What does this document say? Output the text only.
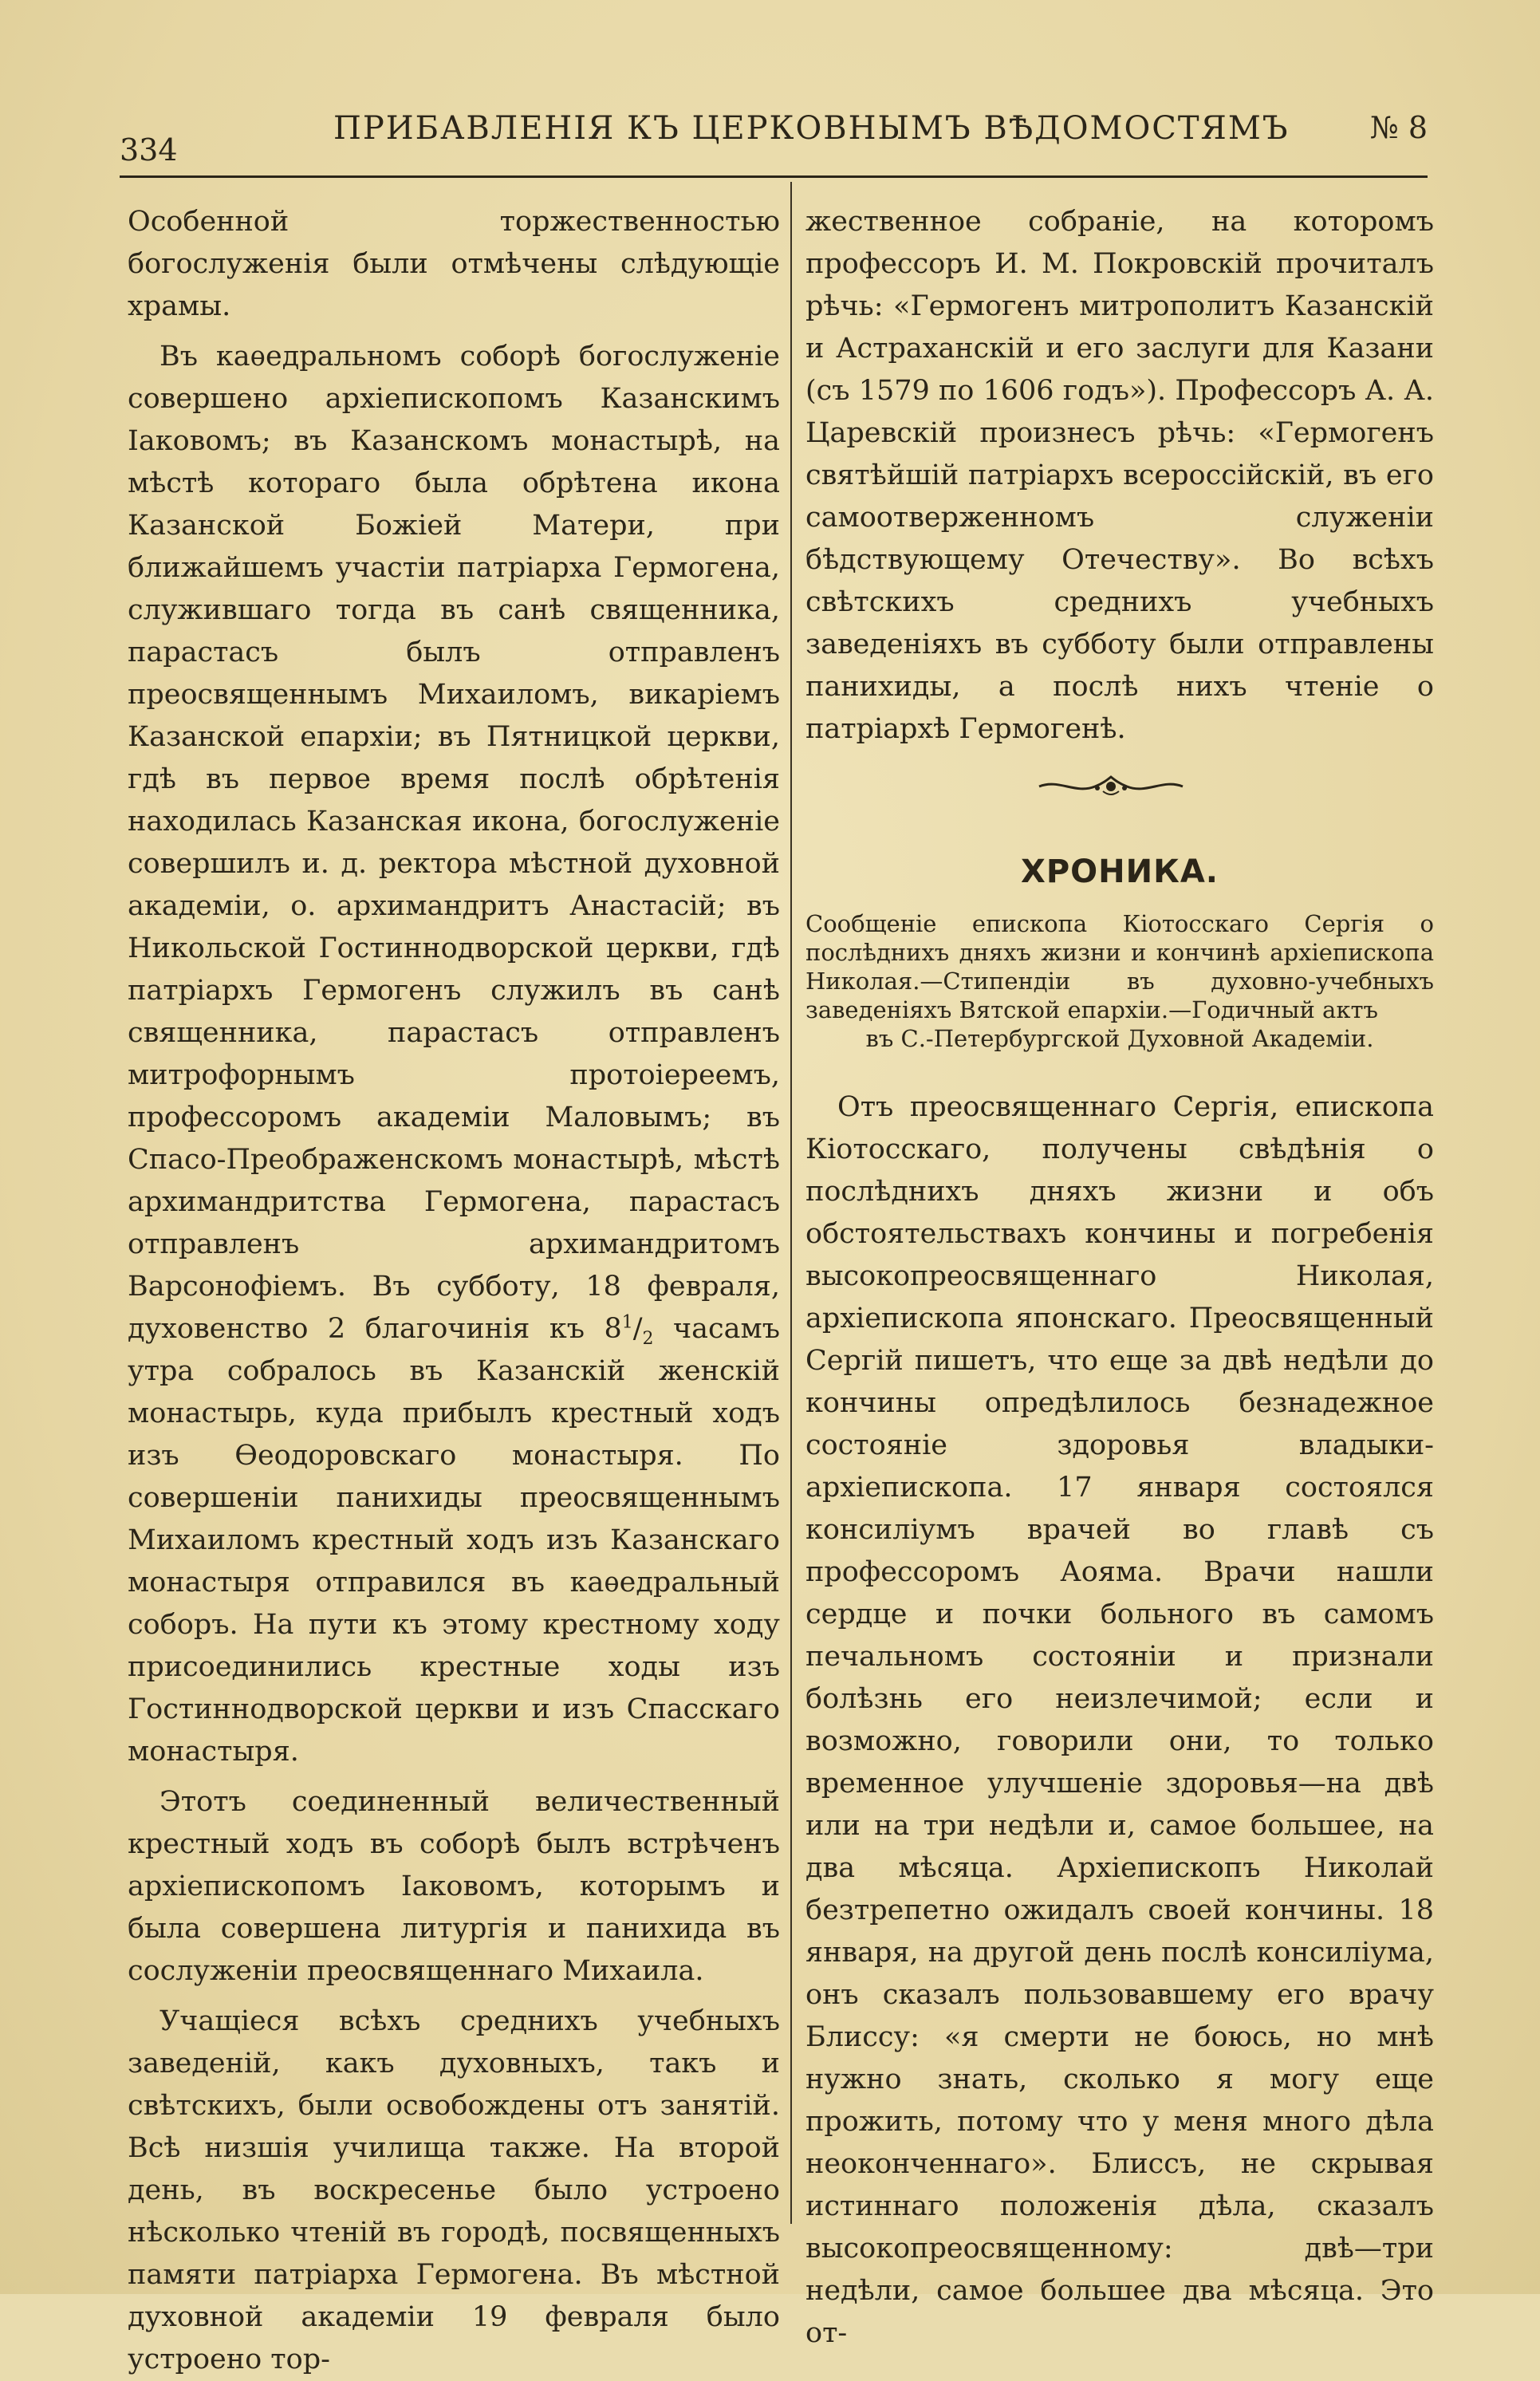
334
ПРИБАВЛЕНІЯ КЪ ЦЕРКОВНЫМЪ ВѢДОМОСТЯМЪ	№ 8

Особенной торжественностью богослуженія были отмѣчены слѣдующіе храмы.

Въ каѳедральномъ соборѣ богослуженіе совершено архіепископомъ Казанскимъ Іаковомъ; въ Казанскомъ монастырѣ, на мѣстѣ котораго была обрѣтена икона Казанской Божіей Матери, при ближайшемъ участіи патріарха Гермогена, служившаго тогда въ санѣ священника, парастасъ былъ отправленъ преосвященнымъ Михаиломъ, викаріемъ Казанской епархіи; въ Пятницкой церкви, гдѣ въ первое время послѣ обрѣтенія находилась Казанская икона, богослуженіе совершилъ и. д. ректора мѣстной духовной академіи, о. архимандритъ Анастасій; въ Никольской Гостиннодворской церкви, гдѣ патріархъ Гермогенъ служилъ въ санѣ священника, парастасъ отправленъ митрофорнымъ протоіереемъ, профессоромъ академіи Маловымъ; въ Спасо-Преображенскомъ монастырѣ, мѣстѣ архимандритства Гермогена, парастасъ отправленъ архимандритомъ Варсонофіемъ. Въ субботу, 18 февраля, духовенство 2 благочинія къ $8^1/_2$ часамъ утра собралось въ Казанскій женскій монастырь, куда прибылъ крестный ходъ изъ Ѳеодоровскаго монастыря. По совершеніи панихиды преосвященнымъ Михаиломъ крестный ходъ изъ Казанскаго монастыря отправился въ каѳедральный соборъ. На пути къ этому крестному ходу присоединились крестные ходы изъ Гостиннодворской церкви и изъ Спасскаго монастыря.

Этотъ соединенный величественный крестный ходъ въ соборѣ былъ встрѣченъ архіепископомъ Іаковомъ, которымъ и была совершена литургія и панихида въ сослуженіи преосвященнаго Михаила.

Учащіеся всѣхъ среднихъ учебныхъ заведеній, какъ духовныхъ, такъ и свѣтскихъ, были освобождены отъ занятій. Всѣ низшія училища также. На второй день, въ воскресенье было устроено нѣсколько чтеній въ городѣ, посвященныхъ памяти патріарха Гермогена. Въ мѣстной духовной академіи 19 февраля было устроено тор-

жественное собраніе, на которомъ профессоръ И. М. Покровскій прочиталъ рѣчь: «Гермогенъ митрополитъ Казанскій и Астраханскій и его заслуги для Казани (съ 1579 по 1606 годъ»). Профессоръ А. А. Царевскій произнесъ рѣчь: «Гермогенъ святѣйшій патріархъ всероссійскій, въ его самоотверженномъ служеніи бѣдствующему Отечеству». Во всѣхъ свѣтскихъ среднихъ учебныхъ заведеніяхъ въ субботу были отправлены панихиды, а послѣ нихъ чтеніе о патріархѣ Гермогенѣ.

ХРОНИКА.
Сообщеніе епископа Кіотосскаго Сергія о послѣднихъ дняхъ жизни и кончинѣ архіепископа Николая.—Стипендіи въ духовно-учебныхъ заведеніяхъ Вятской епархіи.—Годичный актъ
въ С.-Петербургской Духовной Академіи.

Отъ преосвященнаго Сергія, епископа Кіотосскаго, получены свѣдѣнія о послѣднихъ дняхъ жизни и объ обстоятельствахъ кончины и погребенія высокопреосвященнаго Николая, архіепископа японскаго. Преосвященный Сергій пишетъ, что еще за двѣ недѣли до кончины опредѣлилось безнадежное состояніе здоровья владыки-архіепископа. 17 января состоялся консиліумъ врачей во главѣ съ профессоромъ Аояма. Врачи нашли сердце и почки больного въ самомъ печальномъ состояніи и признали болѣзнь его неизлечимой; если и возможно, говорили они, то только временное улучшеніе здоровья—на двѣ или на три недѣли и, самое большее, на два мѣсяца. Архіепископъ Николай безтрепетно ожидалъ своей кончины. 18 января, на другой день послѣ консиліума, онъ сказалъ пользовавшему его врачу Блиссу: «я смерти не боюсь, но мнѣ нужно знать, сколько я могу еще прожить, потому что у меня много дѣла неоконченнаго». Блиссъ, не скрывая истиннаго положенія дѣла, сказалъ высокопреосвященному: двѣ—три недѣли, самое большее два мѣсяца. Это от-
